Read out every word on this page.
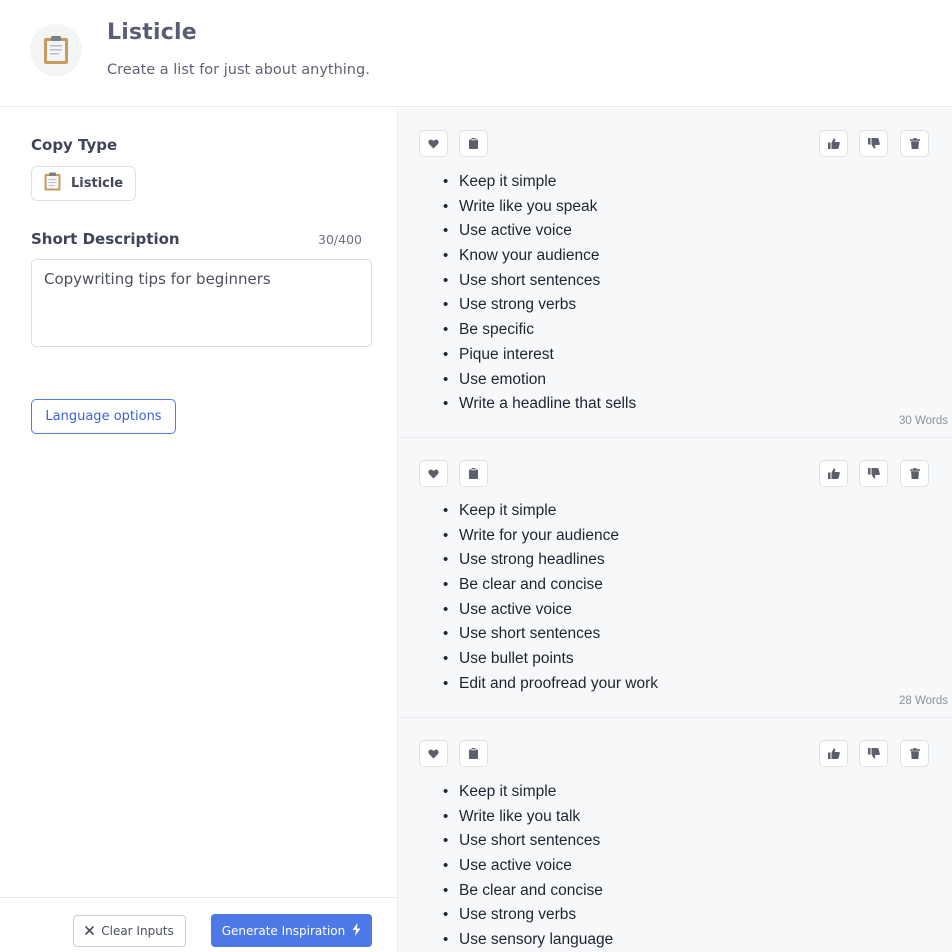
Listicle
Create a list for just about anything.
Copy Type
Listicle
Short Description	30/400
Copywriting tips for beginners
Language options
Clear Inputs	Generate Inspiration
• Keep it simple
• Write like you speak
• Use active voice
• Know your audience
• Use short sentences
• Use strong verbs
• Be specific
• Pique interest
• Use emotion
• Write a headline that sells
30 Words
• Keep it simple
• Write for your audience
• Use strong headlines
• Be clear and concise
• Use active voice
• Use short sentences
• Use bullet points
• Edit and proofread your work
28 Words
• Keep it simple
• Write like you talk
• Use short sentences
• Use active voice
• Be clear and concise
• Use strong verbs
• Use sensory language
